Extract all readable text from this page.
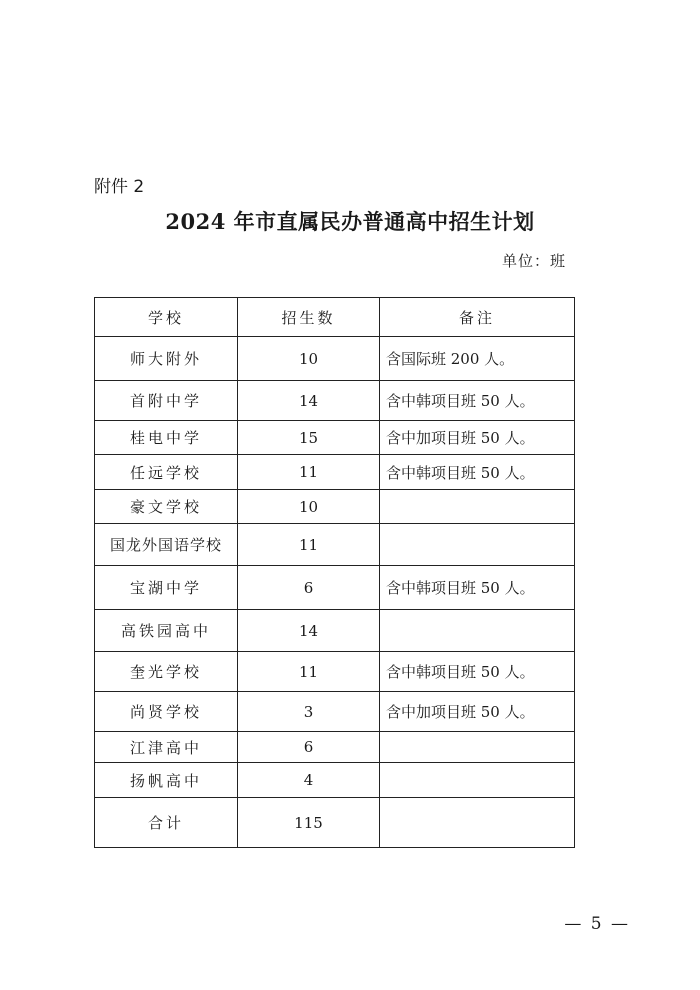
附件 2
2024 年市直属民办普通高中招生计划
单位：班
学校	招生数	备注
师大附外	10	含国际班 200 人。
首附中学	14	含中韩项目班 50 人。
桂电中学	15	含中加项目班 50 人。
任远学校	11	含中韩项目班 50 人。
豪文学校	10	
国龙外国语学校	11	
宝湖中学	6	含中韩项目班 50 人。
高铁园高中	14	
奎光学校	11	含中韩项目班 50 人。
尚贤学校	3	含中加项目班 50 人。
江津高中	6	
扬帆高中	4	
合计	115	
— 5 —
